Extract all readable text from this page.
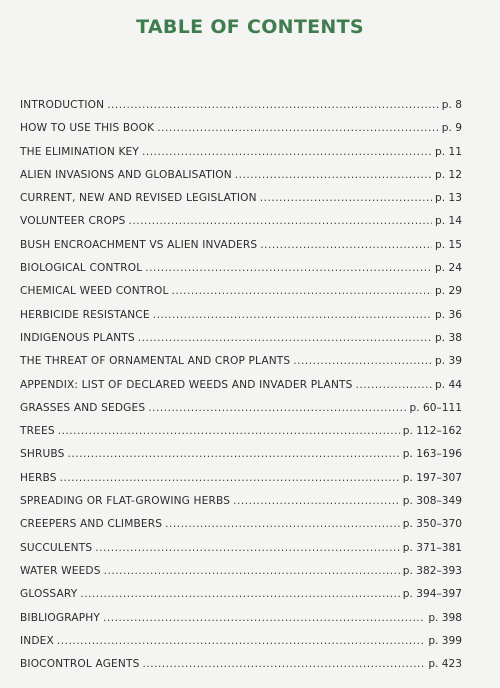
TABLE OF CONTENTS
INTRODUCTION .....	p. 8
HOW TO USE THIS BOOK .....	p. 9
THE ELIMINATION KEY .....	p. 11
ALIEN INVASIONS AND GLOBALISATION .....	p. 12
CURRENT, NEW AND REVISED LEGISLATION .....	p. 13
VOLUNTEER CROPS .....	p. 14
BUSH ENCROACHMENT VS ALIEN INVADERS .....	p. 15
BIOLOGICAL CONTROL .....	p. 24
CHEMICAL WEED CONTROL .....	p. 29
HERBICIDE RESISTANCE .....	p. 36
INDIGENOUS PLANTS .....	p. 38
THE THREAT OF ORNAMENTAL AND CROP PLANTS .....	p. 39
APPENDIX: LIST OF DECLARED WEEDS AND INVADER PLANTS .....	p. 44
GRASSES AND SEDGES .....	p. 60–111
TREES .....	p. 112–162
SHRUBS .....	p. 163–196
HERBS .....	p. 197–307
SPREADING OR FLAT-GROWING HERBS .....	p. 308–349
CREEPERS AND CLIMBERS .....	p. 350–370
SUCCULENTS .....	p. 371–381
WATER WEEDS .....	p. 382–393
GLOSSARY .....	p. 394–397
BIBLIOGRAPHY .....	p. 398
INDEX .....	p. 399
BIOCONTROL AGENTS .....	p. 423
